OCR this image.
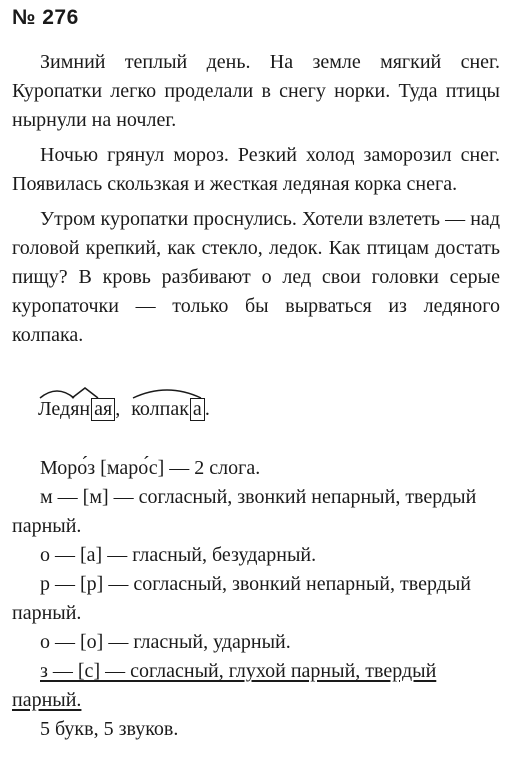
№ 276

Зимний теплый день. На земле мягкий снег. Куропатки легко проделали в снегу норки. Туда птицы нырнули на ночлег.

Ночью грянул мороз. Резкий холод заморозил снег. Появилась скользкая и жесткая ледяная корка снега.

Утром куропатки проснулись. Хотели взлететь — над головой крепкий, как стекло, ледок. Как птицам достать пищу? В кровь разбивают о лед свои головки серые куропаточки — только бы вырваться из ледяного колпака.

Лед
ян ая , колпак а .

Моро́з [маро́с] — 2 слога.

м — [м] — согласный, звонкий непарный, твердый парный.

о — [а] — гласный, безударный.

р — [р] — согласный, звонкий непарный, твердый парный.

о — [о] — гласный, ударный.

з — [с] — согласный, глухой парный, твердый парный.

5 букв, 5 звуков.
